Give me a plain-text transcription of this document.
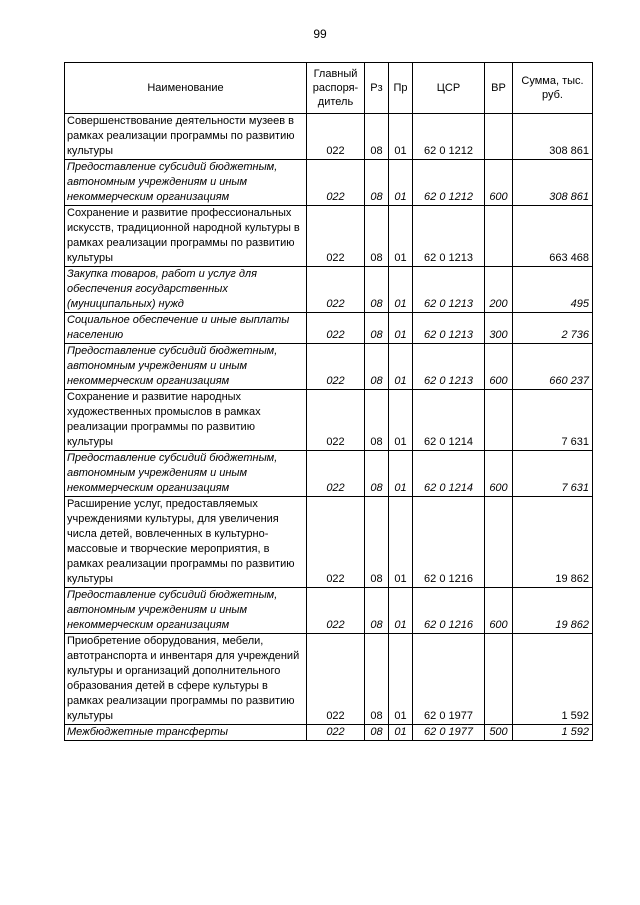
99
Наименование	Главный распоря-дитель	Рз	Пр	ЦСР	ВР	Сумма, тыс. руб.
Совершенствование деятельности музеев в рамках реализации программы по развитию культуры	022	08	01	62 0 1212		308 861
Предоставление субсидий бюджетным, автономным учреждениям и иным некоммерческим организациям	022	08	01	62 0 1212	600	308 861
Сохранение и развитие профессиональных искусств, традиционной народной культуры в рамках реализации программы по развитию культуры	022	08	01	62 0 1213		663 468
Закупка товаров, работ и услуг для обеспечения государственных (муниципальных) нужд	022	08	01	62 0 1213	200	495
Социальное обеспечение и иные выплаты населению	022	08	01	62 0 1213	300	2 736
Предоставление субсидий бюджетным, автономным учреждениям и иным некоммерческим организациям	022	08	01	62 0 1213	600	660 237
Сохранение и развитие народных художественных промыслов в рамках реализации программы по развитию культуры	022	08	01	62 0 1214		7 631
Предоставление субсидий бюджетным, автономным учреждениям и иным некоммерческим организациям	022	08	01	62 0 1214	600	7 631
Расширение услуг, предоставляемых учреждениями культуры, для увеличения числа детей, вовлеченных в культурно-массовые и творческие мероприятия, в рамках реализации программы по развитию культуры	022	08	01	62 0 1216		19 862
Предоставление субсидий бюджетным, автономным учреждениям и иным некоммерческим организациям	022	08	01	62 0 1216	600	19 862
Приобретение оборудования, мебели, автотранспорта и инвентаря для учреждений культуры и организаций дополнительного образования детей в сфере культуры в рамках реализации программы по развитию культуры	022	08	01	62 0 1977		1 592
Межбюджетные трансферты	022	08	01	62 0 1977	500	1 592
